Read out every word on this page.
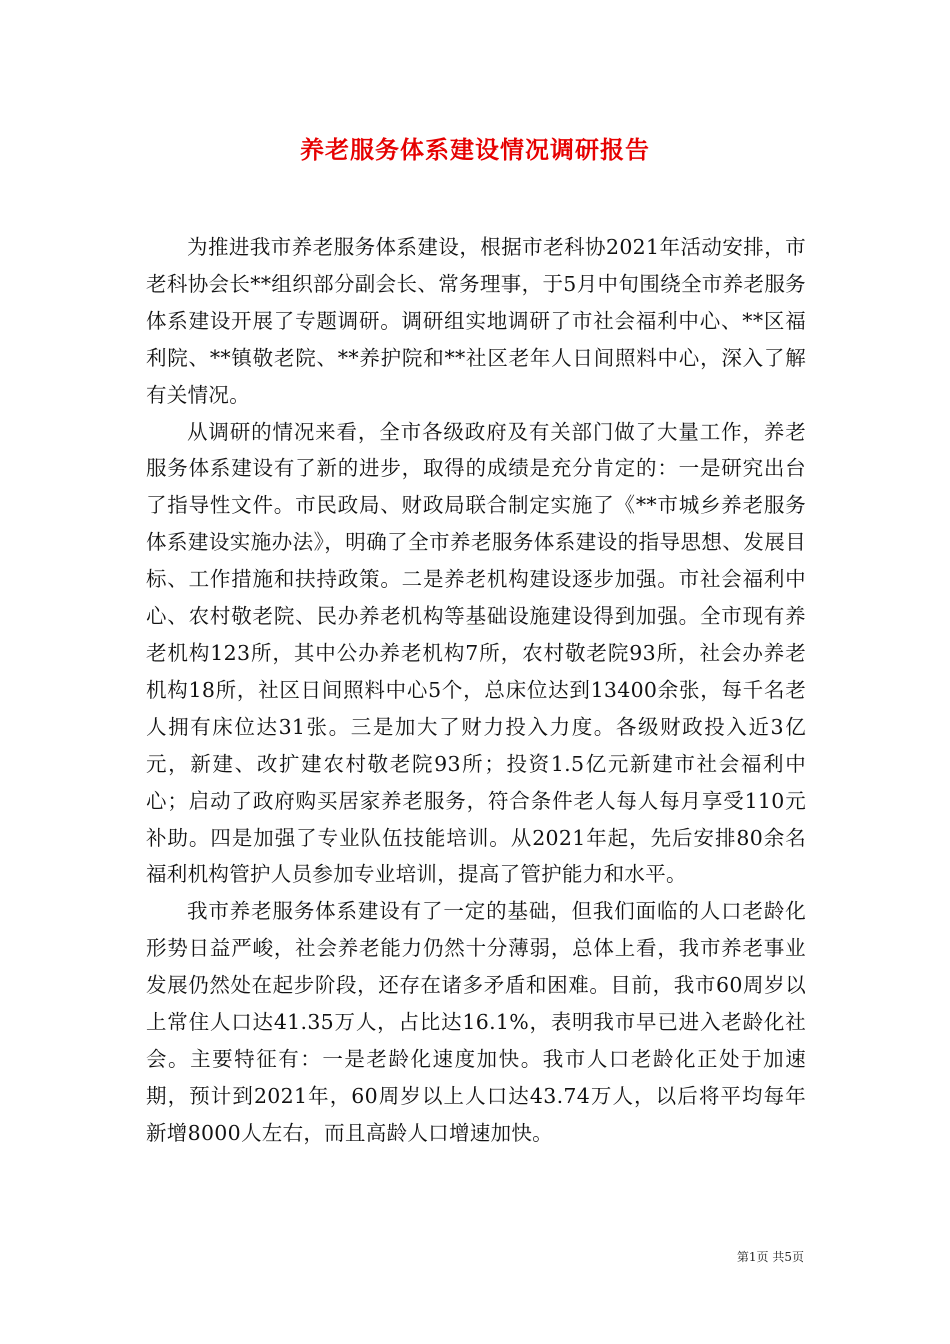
养老服务体系建设情况调研报告

为推进我市养老服务体系建设，根据市老科协2021年活动安排，市老科协会长**组织部分副会长、常务理事，于5月中旬围绕全市养老服务体系建设开展了专题调研。调研组实地调研了市社会福利中心、**区福利院、**镇敬老院、**养护院和**社区老年人日间照料中心，深入了解有关情况。

从调研的情况来看，全市各级政府及有关部门做了大量工作，养老服务体系建设有了新的进步，取得的成绩是充分肯定的：一是研究出台了指导性文件。市民政局、财政局联合制定实施了《**市城乡养老服务体系建设实施办法》，明确了全市养老服务体系建设的指导思想、发展目标、工作措施和扶持政策。二是养老机构建设逐步加强。市社会福利中心、农村敬老院、民办养老机构等基础设施建设得到加强。全市现有养老机构123所，其中公办养老机构7所，农村敬老院93所，社会办养老机构18所，社区日间照料中心5个，总床位达到13400余张，每千名老人拥有床位达31张。三是加大了财力投入力度。各级财政投入近3亿元，新建、改扩建农村敬老院93所；投资1.5亿元新建市社会福利中心；启动了政府购买居家养老服务，符合条件老人每人每月享受110元补助。四是加强了专业队伍技能培训。从2021年起，先后安排80余名福利机构管护人员参加专业培训，提高了管护能力和水平。

我市养老服务体系建设有了一定的基础，但我们面临的人口老龄化形势日益严峻，社会养老能力仍然十分薄弱，总体上看，我市养老事业发展仍然处在起步阶段，还存在诸多矛盾和困难。目前，我市60周岁以上常住人口达41.35万人，占比达16.1%，表明我市早已进入老龄化社会。主要特征有：一是老龄化速度加快。我市人口老龄化正处于加速期，预计到2021年，60周岁以上人口达43.74万人，以后将平均每年新增8000人左右，而且高龄人口增速加快。

第1页 共5页
